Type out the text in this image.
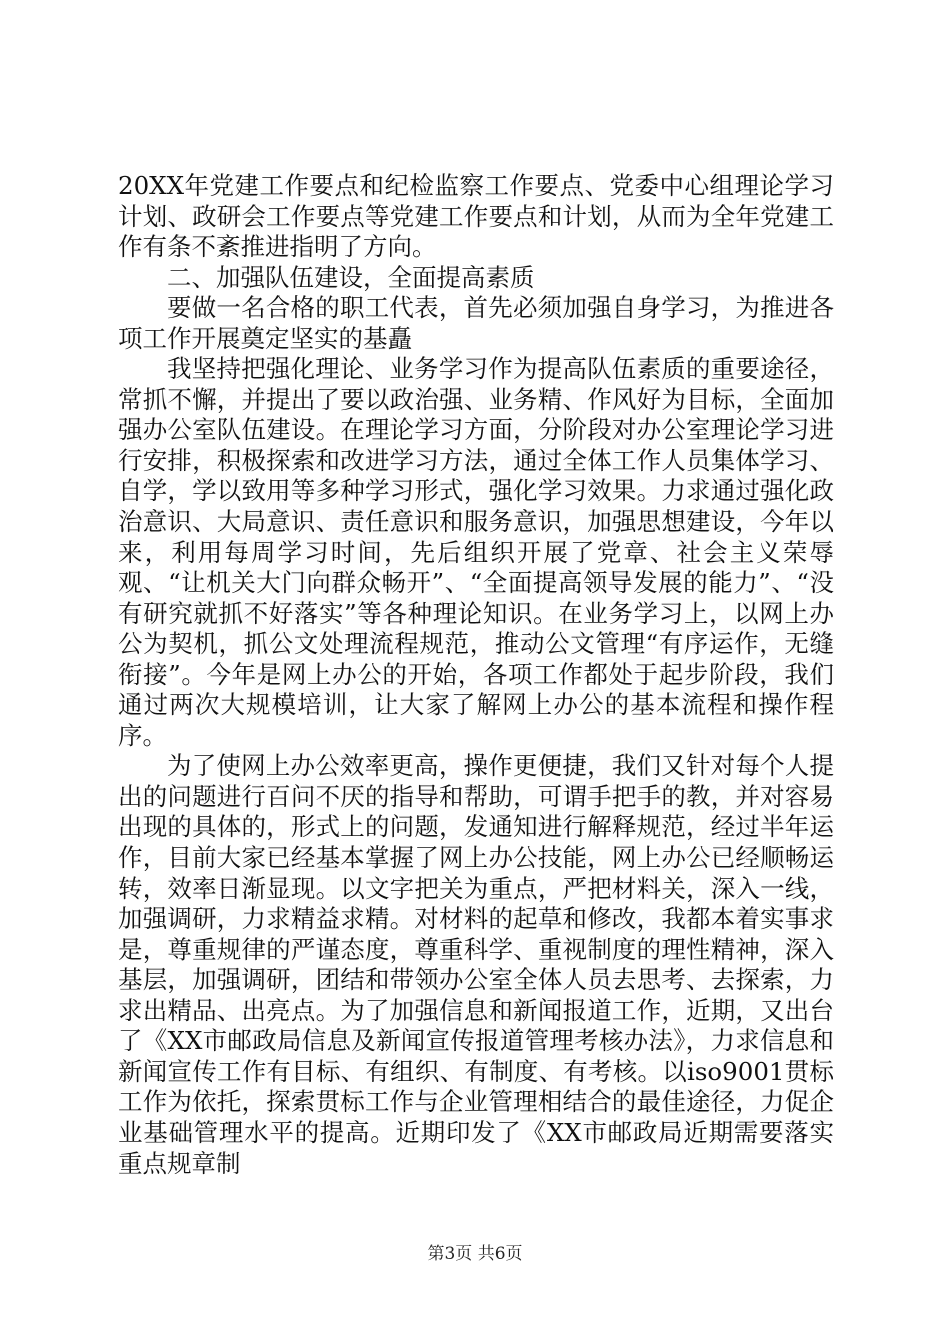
20XX年党建工作要点和纪检监察工作要点、党委中心组理论学习计划、政研会工作要点等党建工作要点和计划，从而为全年党建工作有条不紊推进指明了方向。

二、加强队伍建设，全面提高素质

要做一名合格的职工代表，首先必须加强自身学习，为推进各项工作开展奠定坚实的基矗

我坚持把强化理论、业务学习作为提高队伍素质的重要途径，常抓不懈，并提出了要以政治强、业务精、作风好为目标，全面加强办公室队伍建设。在理论学习方面，分阶段对办公室理论学习进行安排，积极探索和改进学习方法，通过全体工作人员集体学习、自学，学以致用等多种学习形式，强化学习效果。力求通过强化政治意识、大局意识、责任意识和服务意识，加强思想建设，今年以来，利用每周学习时间，先后组织开展了党章、社会主义荣辱观、“让机关大门向群众畅开”、“全面提高领导发展的能力”、“没有研究就抓不好落实”等各种理论知识。在业务学习上，以网上办公为契机，抓公文处理流程规范，推动公文管理“有序运作，无缝衔接”。今年是网上办公的开始，各项工作都处于起步阶段，我们通过两次大规模培训，让大家了解网上办公的基本流程和操作程序。

为了使网上办公效率更高，操作更便捷，我们又针对每个人提出的问题进行百问不厌的指导和帮助，可谓手把手的教，并对容易出现的具体的，形式上的问题，发通知进行解释规范，经过半年运作，目前大家已经基本掌握了网上办公技能，网上办公已经顺畅运转，效率日渐显现。以文字把关为重点，严把材料关，深入一线，加强调研，力求精益求精。对材料的起草和修改，我都本着实事求是，尊重规律的严谨态度，尊重科学、重视制度的理性精神，深入基层，加强调研，团结和带领办公室全体人员去思考、去探索，力求出精品、出亮点。为了加强信息和新闻报道工作，近期，又出台了《XX市邮政局信息及新闻宣传报道管理考核办法》，力求信息和新闻宣传工作有目标、有组织、有制度、有考核。以iso9001贯标工作为依托，探索贯标工作与企业管理相结合的最佳途径，力促企业基础管理水平的提高。近期印发了《XX市邮政局近期需要落实重点规章制

第3页 共6页
